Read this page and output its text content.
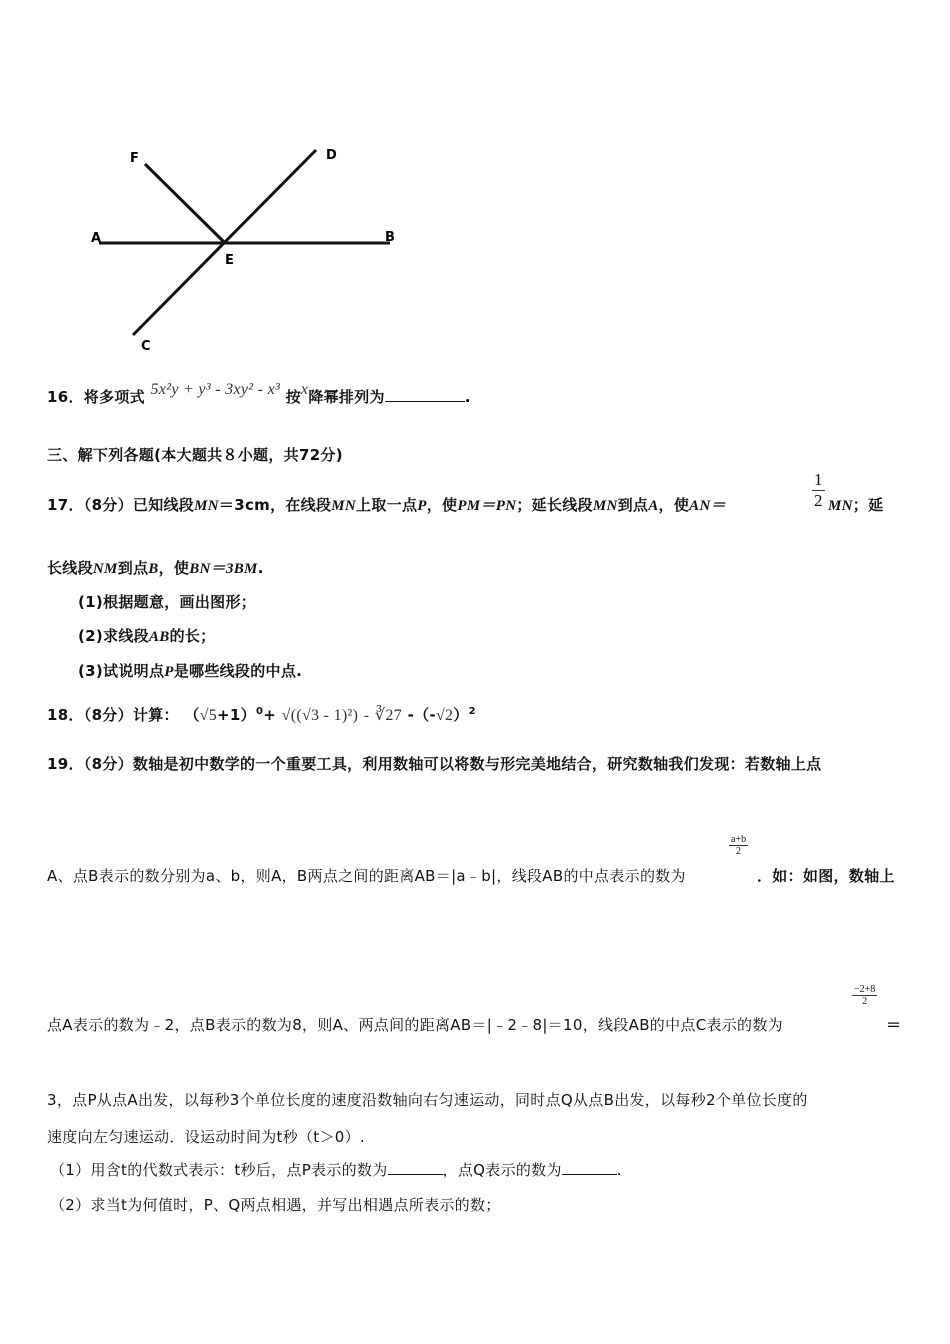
F	D
A	B
E
C
16．将多项式 5x²y + y³ - 3xy² - x³ 按x降幂排列为	.
三、解下列各题(本大题共８小题，共72分)
17．（8分）已知线段MN＝3cm，在线段MN上取一点P，使PM＝PN；延长线段MN到点A，使AN＝	$\frac{1}{2}$ MN；延
长线段NM到点B，使BN＝3BM.
(1)根据题意，画出图形；
(2)求线段AB的长；
(3)试说明点P是哪些线段的中点.
18．（8分）计算： $(√5+1)^0+ √((√3 - 1)^2)$ - ∛27 $-(-√2)^2$
19．（8分）数轴是初中数学的一个重要工具，利用数轴可以将数与形完美地结合，研究数轴我们发现：若数轴上点
$\frac{a+b}{2}$
A、点B表示的数分别为a、b，则A，B两点之间的距离AB＝|a﹣b|，线段AB的中点表示的数为	．如：如图，数轴上
$\frac{-2+8}{2}$
点A表示的数为﹣2，点B表示的数为8，则A、两点间的距离AB＝|﹣2﹣8|＝10，线段AB的中点C表示的数为	＝
3，点P从点A出发，以每秒3个单位长度的速度沿数轴向右匀速运动，同时点Q从点B出发，以每秒2个单位长度的
速度向左匀速运动．设运动时间为t秒（t＞0）.
（1）用含t的代数式表示：t秒后，点P表示的数为	，点Q表示的数为	.
（2）求当t为何值时，P、Q两点相遇，并写出相遇点所表示的数；
